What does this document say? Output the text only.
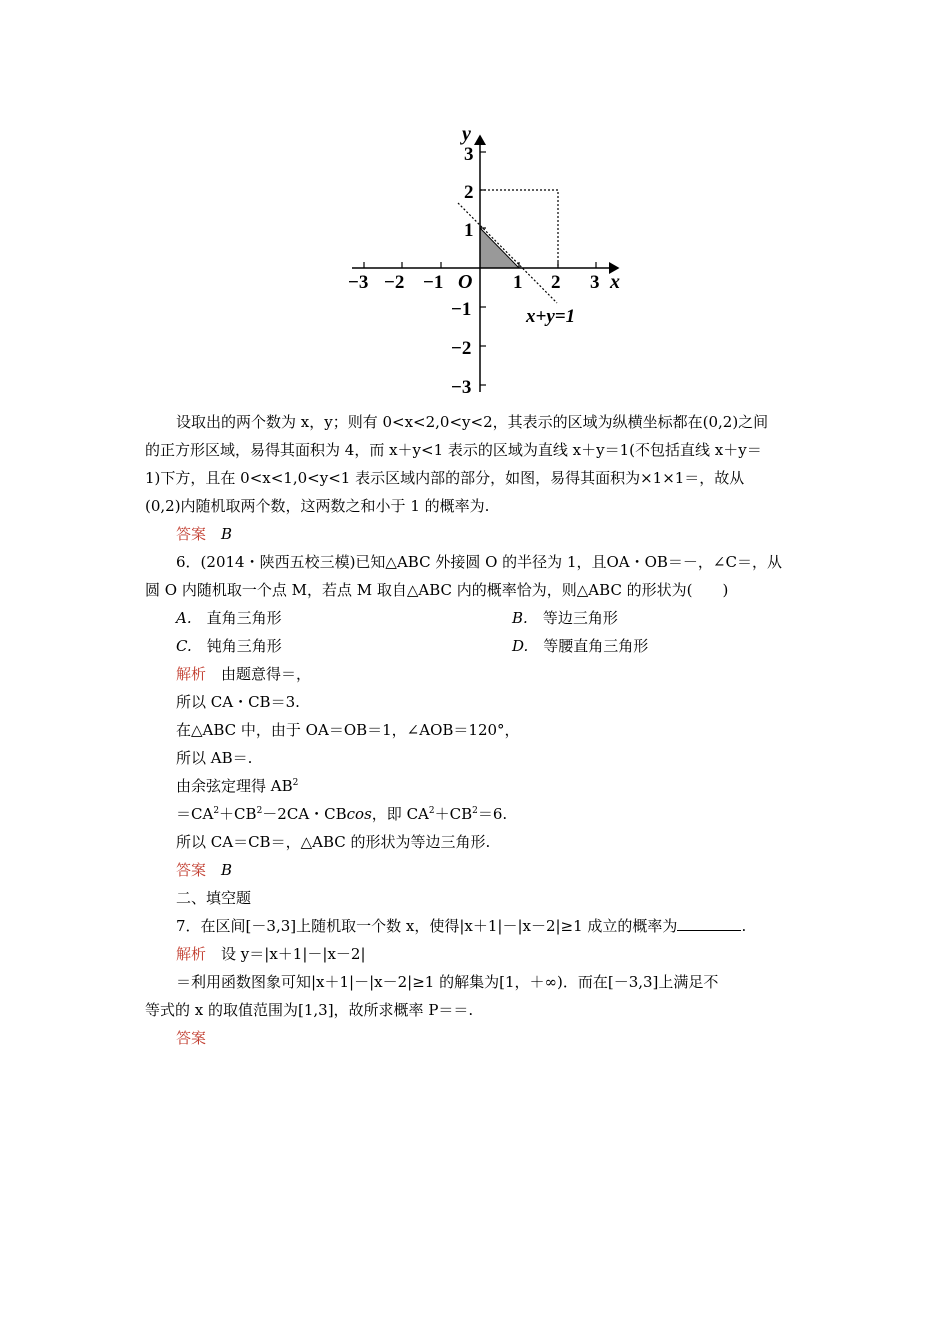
y
x
O
−3 −2 −1	1 2 3
3
2
1
−1
−2
−3
x+y=1
设取出的两个数为 x，y；则有 0<x<2,0<y<2，其表示的区域为纵横坐标都在(0,2)之间
的正方形区域，易得其面积为 4，而 x＋y<1 表示的区域为直线 x＋y＝1(不包括直线 x＋y＝
1)下方，且在 0<x<1,0<y<1 表示区域内部的部分，如图，易得其面积为×1×1＝，故从
(0,2)内随机取两个数，这两数之和小于 1 的概率为.
答案　 B
6．(2014・陕西五校三模)已知△ABC 外接圆 O 的半径为 1，且OA・OB＝－，∠C＝，从
圆 O 内随机取一个点 M，若点 M 取自△ABC 内的概率恰为，则△ABC 的形状为(　　)
A.　 直角三角形	B.　 等边三角形
C.　 钝角三角形	D.　 等腰直角三角形
解析　 由题意得＝，
所以 CA・CB＝3.
在△ABC 中，由于 OA＝OB＝1，∠AOB＝120°，
所以 AB＝.
由余弦定理得 $AB^2$
$=CA^2+CB^2-2CA$・CBcos，即 $CA^2+CB^2=6$.
所以 CA＝CB＝，△ABC 的形状为等边三角形.
答案　 B
二、填空题
7．在区间[－3,3]上随机取一个数 x，使得|x＋1|－|x－2|≥1 成立的概率为	.
解析　 设 y＝|x＋1|－|x－2|
＝利用函数图象可知|x＋1|－|x－2|≥1 的解集为[1，＋∞)．而在[－3,3]上满足不
等式的 x 的取值范围为[1,3]，故所求概率 P＝＝.
答案
